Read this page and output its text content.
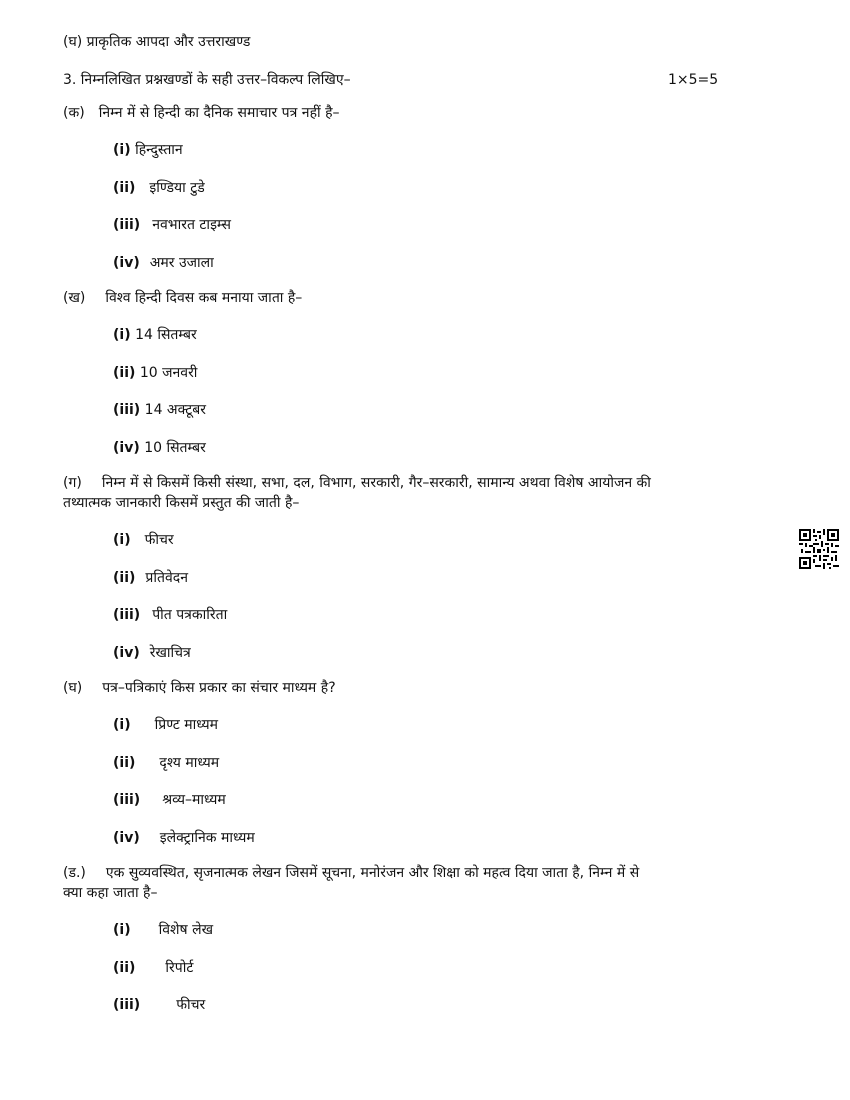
(घ) प्राकृतिक आपदा और उत्तराखण्ड
3. निम्नलिखित प्रश्नखण्डों के सही उत्तर–विकल्प लिखिए–	1×5=5
(क) निम्न में से हिन्दी का दैनिक समाचार पत्र नहीं है–
(i) हिन्दुस्तान
(ii) इण्डिया टुडे
(iii) नवभारत टाइम्स
(iv) अमर उजाला
(ख) विश्व हिन्दी दिवस कब मनाया जाता है–
(i) 14 सितम्बर
(ii) 10 जनवरी
(iii) 14 अक्टूबर
(iv) 10 सितम्बर
(ग) निम्न में से किसमें किसी संस्था, सभा, दल, विभाग, सरकारी, गैर–सरकारी, सामान्य अथवा विशेष आयोजन की
तथ्यात्मक जानकारी किसमें प्रस्तुत की जाती है–
(i) फीचर
(ii) प्रतिवेदन
(iii) पीत पत्रकारिता
(iv) रेखाचित्र
(घ) पत्र–पत्रिकाएं किस प्रकार का संचार माध्यम है?
(i) प्रिण्ट माध्यम
(ii) दृश्य माध्यम
(iii) श्रव्य–माध्यम
(iv) इलेक्ट्रानिक माध्यम
(ड.) एक सुव्यवस्थित, सृजनात्मक लेखन जिसमें सूचना, मनोरंजन और शिक्षा को महत्व दिया जाता है, निम्न में से
क्या कहा जाता है–
(i) विशेष लेख
(ii) रिपोर्ट
(iii)	फीचर
